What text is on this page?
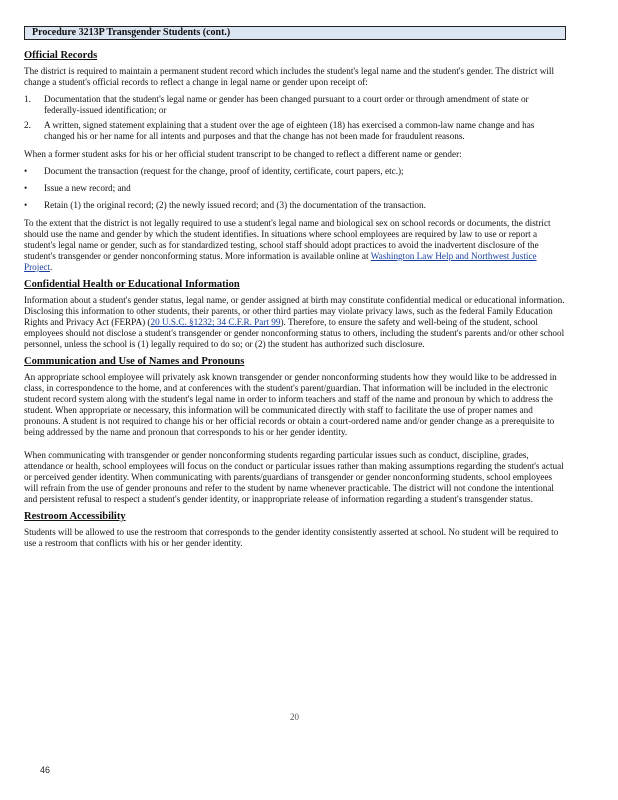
Procedure 3213P Transgender Students (cont.)
Official Records

The district is required to maintain a permanent student record which includes the student's legal name and the student's gender. The district will change a student's official records to reflect a change in legal name or gender upon receipt of:

1. Documentation that the student's legal name or gender has been changed pursuant to a court order or through amendment of state or federally-issued identification; or
2. A written, signed statement explaining that a student over the age of eighteen (18) has exercised a common-law name change and has changed his or her name for all intents and purposes and that the change has not been made for fraudulent reasons.

When a former student asks for his or her official student transcript to be changed to reflect a different name or gender:

• Document the transaction (request for the change, proof of identity, certificate, court papers, etc.);
• Issue a new record; and
• Retain (1) the original record; (2) the newly issued record; and (3) the documentation of the transaction.

To the extent that the district is not legally required to use a student's legal name and biological sex on school records or documents, the district should use the name and gender by which the student identifies. In situations where school employees are required by law to use or report a student's legal name or gender, such as for standardized testing, school staff should adopt practices to avoid the inadvertent disclosure of the student's transgender or gender nonconforming status. More information is available online at Washington Law Help and Northwest Justice Project.

Confidential Health or Educational Information

Information about a student's gender status, legal name, or gender assigned at birth may constitute confidential medical or educational information. Disclosing this information to other students, their parents, or other third parties may violate privacy laws, such as the federal Family Education Rights and Privacy Act (FERPA) (20 U.S.C. §1232; 34 C.F.R. Part 99). Therefore, to ensure the safety and well-being of the student, school employees should not disclose a student's transgender or gender nonconforming status to others, including the student's parents and/or other school personnel, unless the school is (1) legally required to do so; or (2) the student has authorized such disclosure.

Communication and Use of Names and Pronouns

An appropriate school employee will privately ask known transgender or gender nonconforming students how they would like to be addressed in class, in correspondence to the home, and at conferences with the student's parent/guardian. That information will be included in the electronic student record system along with the student's legal name in order to inform teachers and staff of the name and pronoun by which to address the student. When appropriate or necessary, this information will be communicated directly with staff to facilitate the use of proper names and pronouns. A student is not required to change his or her official records or obtain a court-ordered name and/or gender change as a prerequisite to being addressed by the name and pronoun that corresponds to his or her gender identity.

When communicating with transgender or gender nonconforming students regarding particular issues such as conduct, discipline, grades, attendance or health, school employees will focus on the conduct or particular issues rather than making assumptions regarding the student's actual or perceived gender identity. When communicating with parents/guardians of transgender or gender nonconforming students, school employees will refrain from the use of gender pronouns and refer to the student by name whenever practicable. The district will not condone the intentional and persistent refusal to respect a student's gender identity, or inappropriate release of information regarding a student's transgender status.

Restroom Accessibility

Students will be allowed to use the restroom that corresponds to the gender identity consistently asserted at school. No student will be required to use a restroom that conflicts with his or her gender identity.

20
46
